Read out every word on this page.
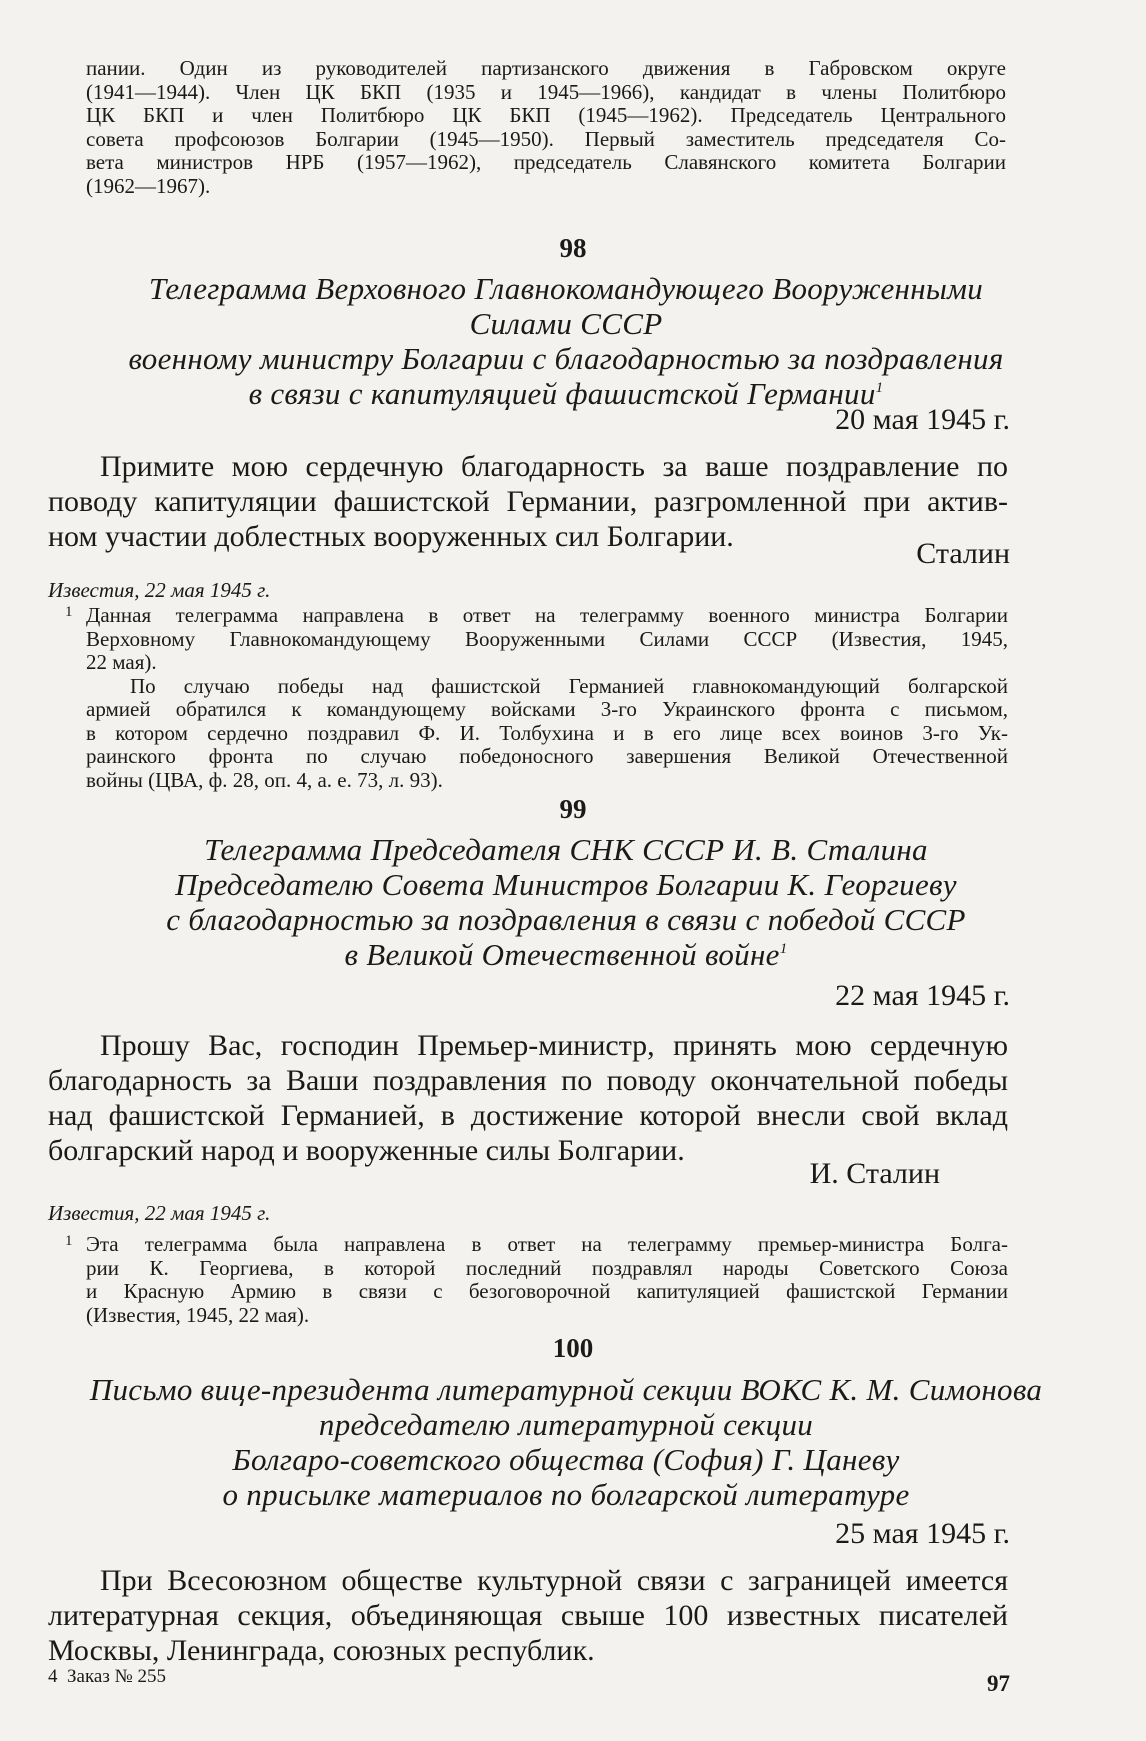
пании. Один из руководителей партизанского движения в Габровском округе
(1941—1944). Член ЦК БКП (1935 и 1945—1966), кандидат в члены Политбюро
ЦК БКП и член Политбюро ЦК БКП (1945—1962). Председатель Центрального
совета профсоюзов Болгарии (1945—1950). Первый заместитель председателя Со-
вета министров НРБ (1957—1962), председатель Славянского комитета Болгарии
(1962—1967).
98
Телеграмма Верховного Главнокомандующего Вооруженными
Силами СССР
военному министру Болгарии с благодарностью за поздравления
в связи с капитуляцией фашистской Германии$^1$
20 мая 1945 г.
Примите мою сердечную благодарность за ваше поздравление по
поводу капитуляции фашистской Германии, разгромленной при актив-
ном участии доблестных вооруженных сил Болгарии.
Сталин
Известия, 22 мая 1945 г.
1 Данная телеграмма направлена в ответ на телеграмму военного министра Болгарии
Верховному Главнокомандующему Вооруженными Силами СССР (Известия, 1945,
22 мая).
По случаю победы над фашистской Германией главнокомандующий болгарской
армией обратился к командующему войсками 3-го Украинского фронта с письмом,
в котором сердечно поздравил Ф. И. Толбухина и в его лице всех воинов 3-го Ук-
раинского фронта по случаю победоносного завершения Великой Отечественной
войны (ЦВА, ф. 28, оп. 4, а. е. 73, л. 93).
99
Телеграмма Председателя СНК СССР И. В. Сталина
Председателю Совета Министров Болгарии К. Георгиеву
с благодарностью за поздравления в связи с победой СССР
в Великой Отечественной войне$^1$
22 мая 1945 г.
Прошу Вас, господин Премьер-министр, принять мою сердечную
благодарность за Ваши поздравления по поводу окончательной победы
над фашистской Германией, в достижение которой внесли свой вклад
болгарский народ и вооруженные силы Болгарии.
И. Сталин
Известия, 22 мая 1945 г.
1 Эта телеграмма была направлена в ответ на телеграмму премьер-министра Болга-
рии К. Георгиева, в которой последний поздравлял народы Советского Союза
и Красную Армию в связи с безоговорочной капитуляцией фашистской Германии
(Известия, 1945, 22 мая).
100
Письмо вице-президента литературной секции ВОКС К. М. Симонова
председателю литературной секции
Болгаро-советского общества (София) Г. Цаневу
о присылке материалов по болгарской литературе
25 мая 1945 г.
При Всесоюзном обществе культурной связи с заграницей имеется
литературная секция, объединяющая свыше 100 известных писателей
Москвы, Ленинграда, союзных республик.
4  Заказ № 255	97
